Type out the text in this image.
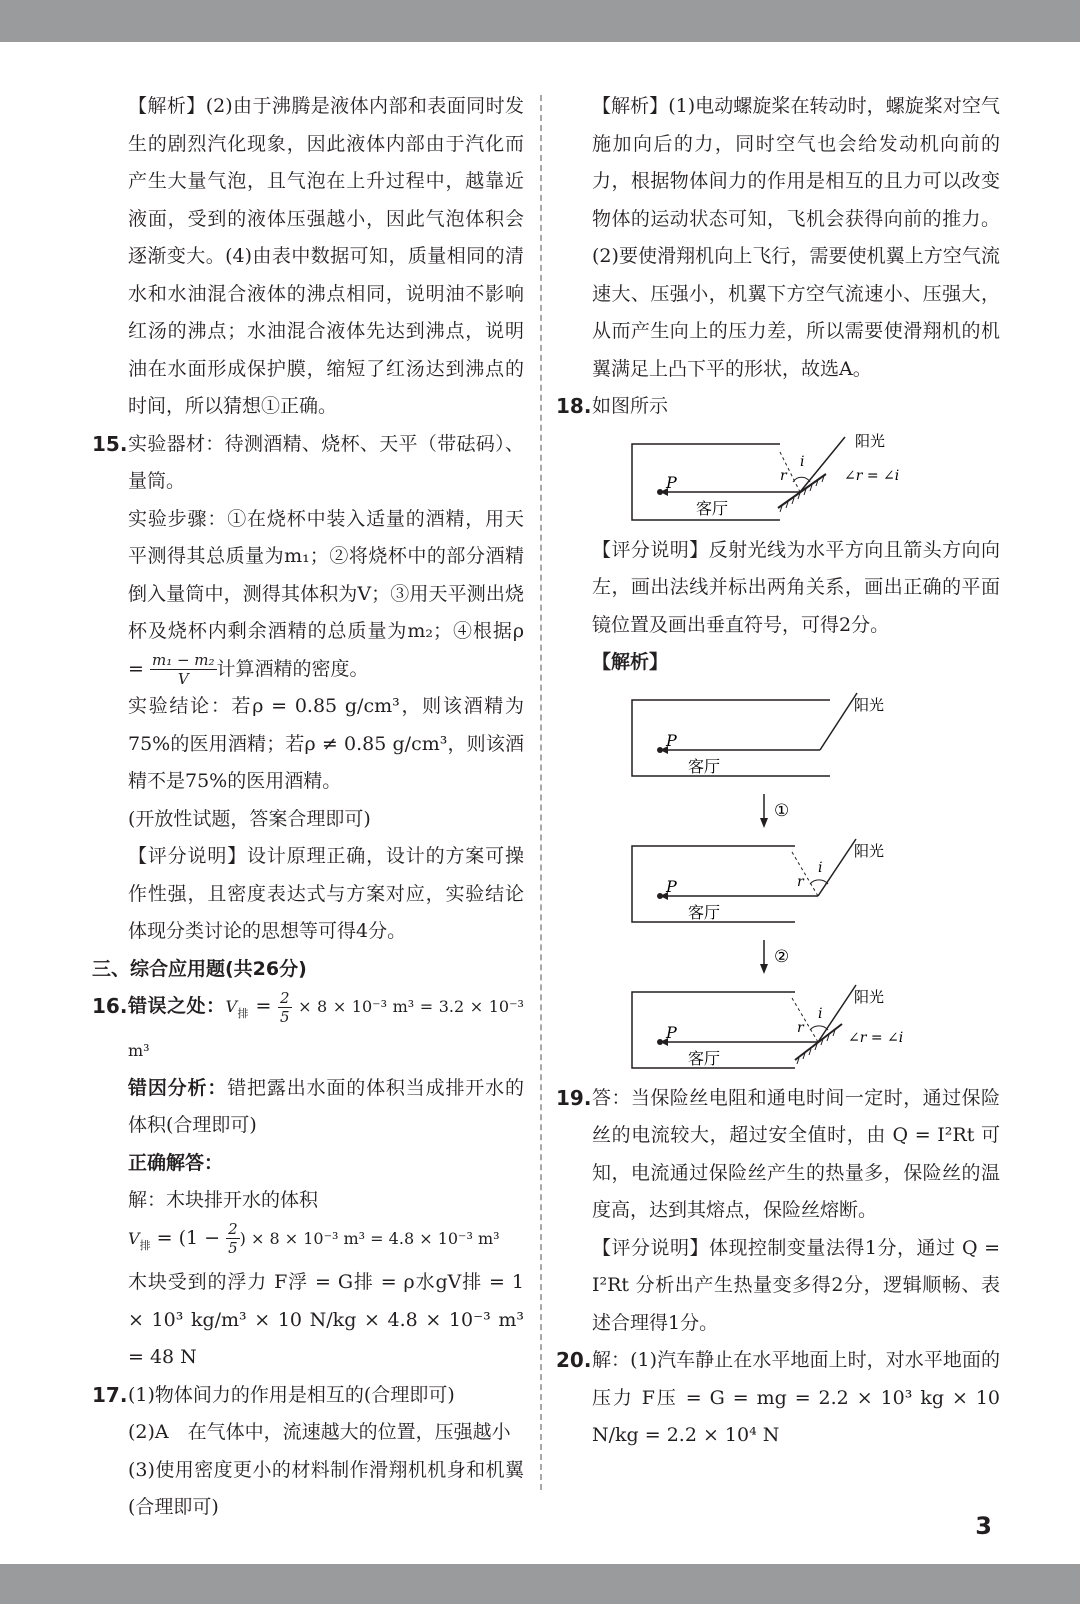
【解析】(2)由于沸腾是液体内部和表面同时发生的剧烈汽化现象，因此液体内部由于汽化而产生大量气泡，且气泡在上升过程中，越靠近液面，受到的液体压强越小，因此气泡体积会逐渐变大。(4)由表中数据可知，质量相同的清水和水油混合液体的沸点相同，说明油不影响红汤的沸点；水油混合液体先达到沸点，说明油在水面形成保护膜，缩短了红汤达到沸点的时间，所以猜想①正确。

15. 实验器材：待测酒精、烧杯、天平（带砝码）、量筒。

实验步骤：①在烧杯中装入适量的酒精，用天平测得其总质量为m₁；②将烧杯中的部分酒精倒入量筒中，测得其体积为V；③用天平测出烧杯及烧杯内剩余酒精的总质量为m₂；④根据$\rho = \frac{\text{m₁ − m₂}}{V}$ 计算酒精的密度。

实验结论：若ρ = 0.85 g/cm³，则该酒精为75%的医用酒精；若ρ ≠ 0.85 g/cm³，则该酒精不是75%的医用酒精。

(开放性试题，答案合理即可)

【评分说明】设计原理正确，设计的方案可操作性强，且密度表达式与方案对应，实验结论体现分类讨论的思想等可得4分。

三、综合应用题(共26分)

16. 错误之处：$V_排 = \frac{2}{5} \times 8 \times 10^{-3}$ m³ = 3.2 × 10⁻³ m³

错因分析：错把露出水面的体积当成排开水的体积(合理即可)

正确解答：

解：木块排开水的体积

$V_排 = (1 - \frac{2}{5}$ ) × 8 × 10⁻³ m³ = 4.8 × 10⁻³ m³

木块受到的浮力 F浮 = G排 = ρ水gV排 = 1 × 10³ kg/m³ × 10 N/kg × 4.8 × 10⁻³ m³ = 48 N

17. (1)物体间力的作用是相互的(合理即可)

(2)A　在气体中，流速越大的位置，压强越小

(3)使用密度更小的材料制作滑翔机机身和机翼(合理即可)

【解析】(1)电动螺旋桨在转动时，螺旋桨对空气施加向后的力，同时空气也会给发动机向前的力，根据物体间力的作用是相互的且力可以改变物体的运动状态可知，飞机会获得向前的推力。(2)要使滑翔机向上飞行，需要使机翼上方空气流速大、压强小，机翼下方空气流速小、压强大，从而产生向上的压力差，所以需要使滑翔机的机翼满足上凸下平的形状，故选A。

18. 如图所示

P
客厅
i
r
阳光
∠r = ∠i

【评分说明】反射光线为水平方向且箭头方向向左，画出法线并标出两角关系，画出正确的平面镜位置及画出垂直符号，可得2分。

【解析】

P
客厅
阳光
①
P
客厅
i
r
阳光
②
P
客厅
i
r
阳光
∠r = ∠i
19. 答：当保险丝电阻和通电时间一定时，通过保险丝的电流较大，超过安全值时，由 Q = I²Rt 可知，电流通过保险丝产生的热量多，保险丝的温度高，达到其熔点，保险丝熔断。

【评分说明】体现控制变量法得1分，通过 Q = I²Rt 分析出产生热量变多得2分，逻辑顺畅、表述合理得1分。

20. 解：(1)汽车静止在水平地面上时，对水平地面的压力 F压 = G = mg = 2.2 × 10³ kg × 10 N/kg = 2.2 × 10⁴ N

3
